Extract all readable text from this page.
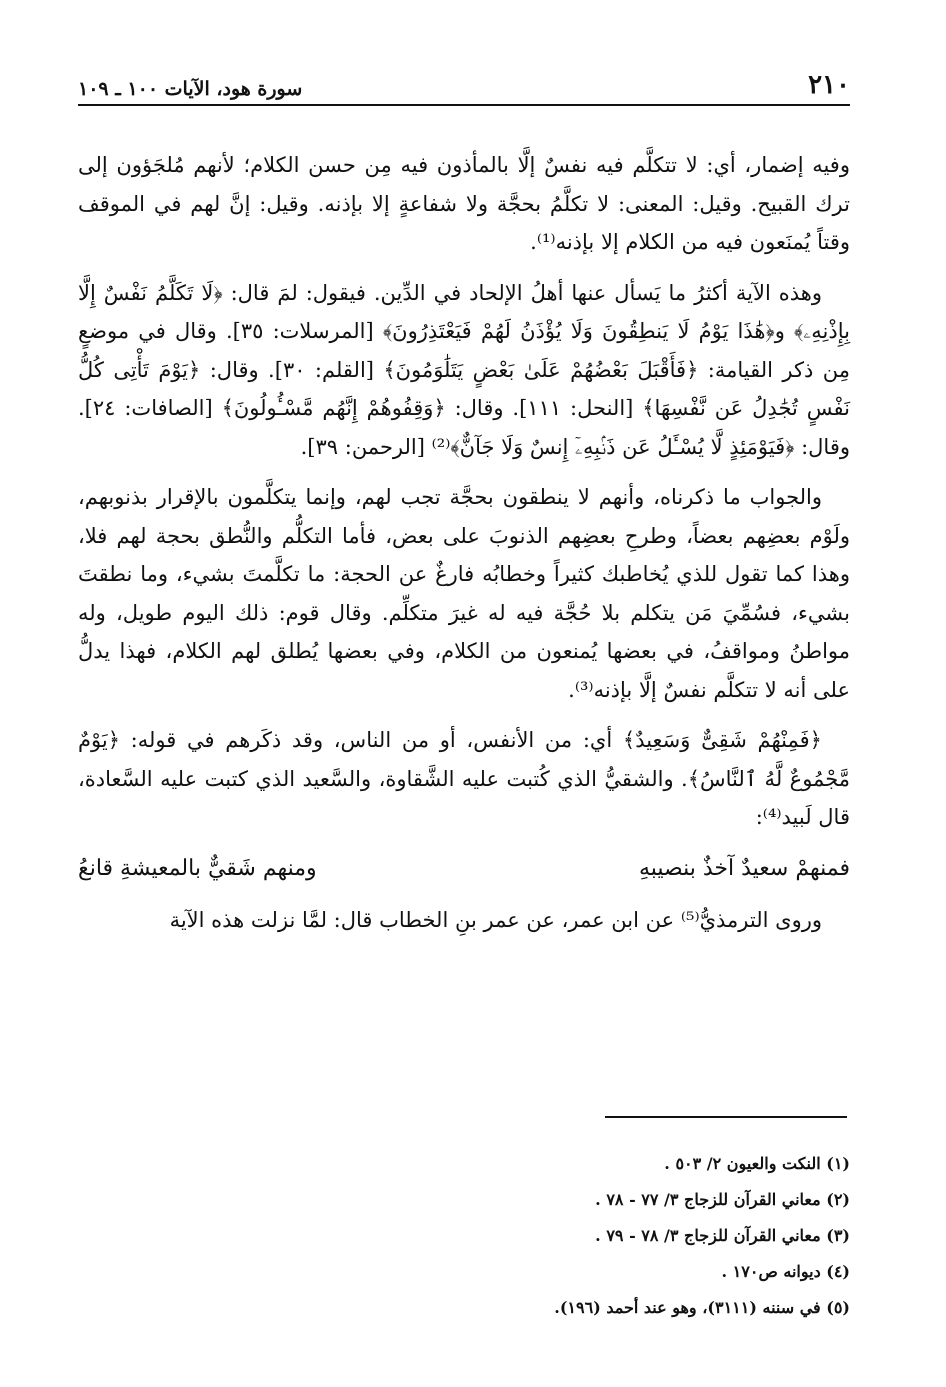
٢١٠
سورة هود، الآيات ١٠٠ ـ ١٠٩

وفيه إضمار، أي: لا تتكلَّم فيه نفسٌ إلَّا بالمأذون فيه مِن حسن الكلام؛ لأنهم مُلجَؤون إلى ترك القبيح. وقيل: المعنى: لا تكلَّمُ بحجَّة ولا شفاعةٍ إلا بإذنه. وقيل: إنَّ لهم في الموقف وقتاً يُمنَعون فيه من الكلام إلا بإذنه⁽¹⁾.

وهذه الآية أكثرُ ما يَسأل عنها أهلُ الإلحاد في الدِّين. فيقول: لمَ قال: ﴿لَا تَكَلَّمُ نَفْسٌ إِلَّا بِإِذْنِهِۦ﴾ و﴿هَٰذَا يَوْمُ لَا يَنطِقُونَ وَلَا يُؤْذَنُ لَهُمْ فَيَعْتَذِرُونَ﴾ [المرسلات: ٣٥]. وقال في موضعٍ مِن ذكر القيامة: ﴿فَأَقْبَلَ بَعْضُهُمْ عَلَىٰ بَعْضٍ يَتَلَٰوَمُونَ﴾ [القلم: ٣٠]. وقال: ﴿يَوْمَ تَأْتِى كُلُّ نَفْسٍ تُجَٰدِلُ عَن نَّفْسِهَا﴾ [النحل: ١١١]. وقال: ﴿وَقِفُوهُمْ إِنَّهُم مَّسْـُٔولُونَ﴾ [الصافات: ٢٤]. وقال: ﴿فَيَوْمَئِذٍ لَّا يُسْـَٔلُ عَن ذَنۢبِهِۦٓ إِنسٌ وَلَا جَآنٌّ﴾⁽²⁾ [الرحمن: ٣٩].

والجواب ما ذكرناه، وأنهم لا ينطقون بحجَّة تجب لهم، وإنما يتكلَّمون بالإقرار بذنوبهم، ولَوْم بعضِهم بعضاً، وطرحِ بعضِهم الذنوبَ على بعض، فأما التكلُّم والنُّطق بحجة لهم فلا، وهذا كما تقول للذي يُخاطبك كثيراً وخطابُه فارغٌ عن الحجة: ما تكلَّمتَ بشيء، وما نطقتَ بشيء، فسُمِّيَ مَن يتكلم بلا حُجَّة فيه له غيرَ متكلِّم. وقال قوم: ذلك اليوم طويل، وله مواطنُ ومواقفُ، في بعضها يُمنعون من الكلام، وفي بعضها يُطلق لهم الكلام، فهذا يدلُّ على أنه لا تتكلَّم نفسٌ إلَّا بإذنه⁽³⁾.

﴿فَمِنْهُمْ شَقِىٌّ وَسَعِيدٌ﴾ أي: من الأنفس، أو من الناس، وقد ذكَرهم في قوله: ﴿يَوْمٌ مَّجْمُوعٌ لَّهُ ٱلنَّاسُ﴾. والشقيُّ الذي كُتبت عليه الشَّقاوة، والسَّعيد الذي كتبت عليه السَّعادة، قال لَبيد⁽⁴⁾:

فمنهمْ سعيدٌ آخذٌ بنصيبهِ
ومنهم شَقيٌّ بالمعيشةِ قانعُ

وروى الترمذيُّ⁽⁵⁾ عن ابن عمر، عن عمر بنِ الخطاب قال: لمَّا نزلت هذه الآية

(١) النكت والعيون ٢/ ٥٠٣ .
(٢) معاني القرآن للزجاج ٣/ ٧٧ - ٧٨ .
(٣) معاني القرآن للزجاج ٣/ ٧٨ - ٧٩ .
(٤) ديوانه ص١٧٠ .
(٥) في سننه (٣١١١)، وهو عند أحمد (١٩٦).
